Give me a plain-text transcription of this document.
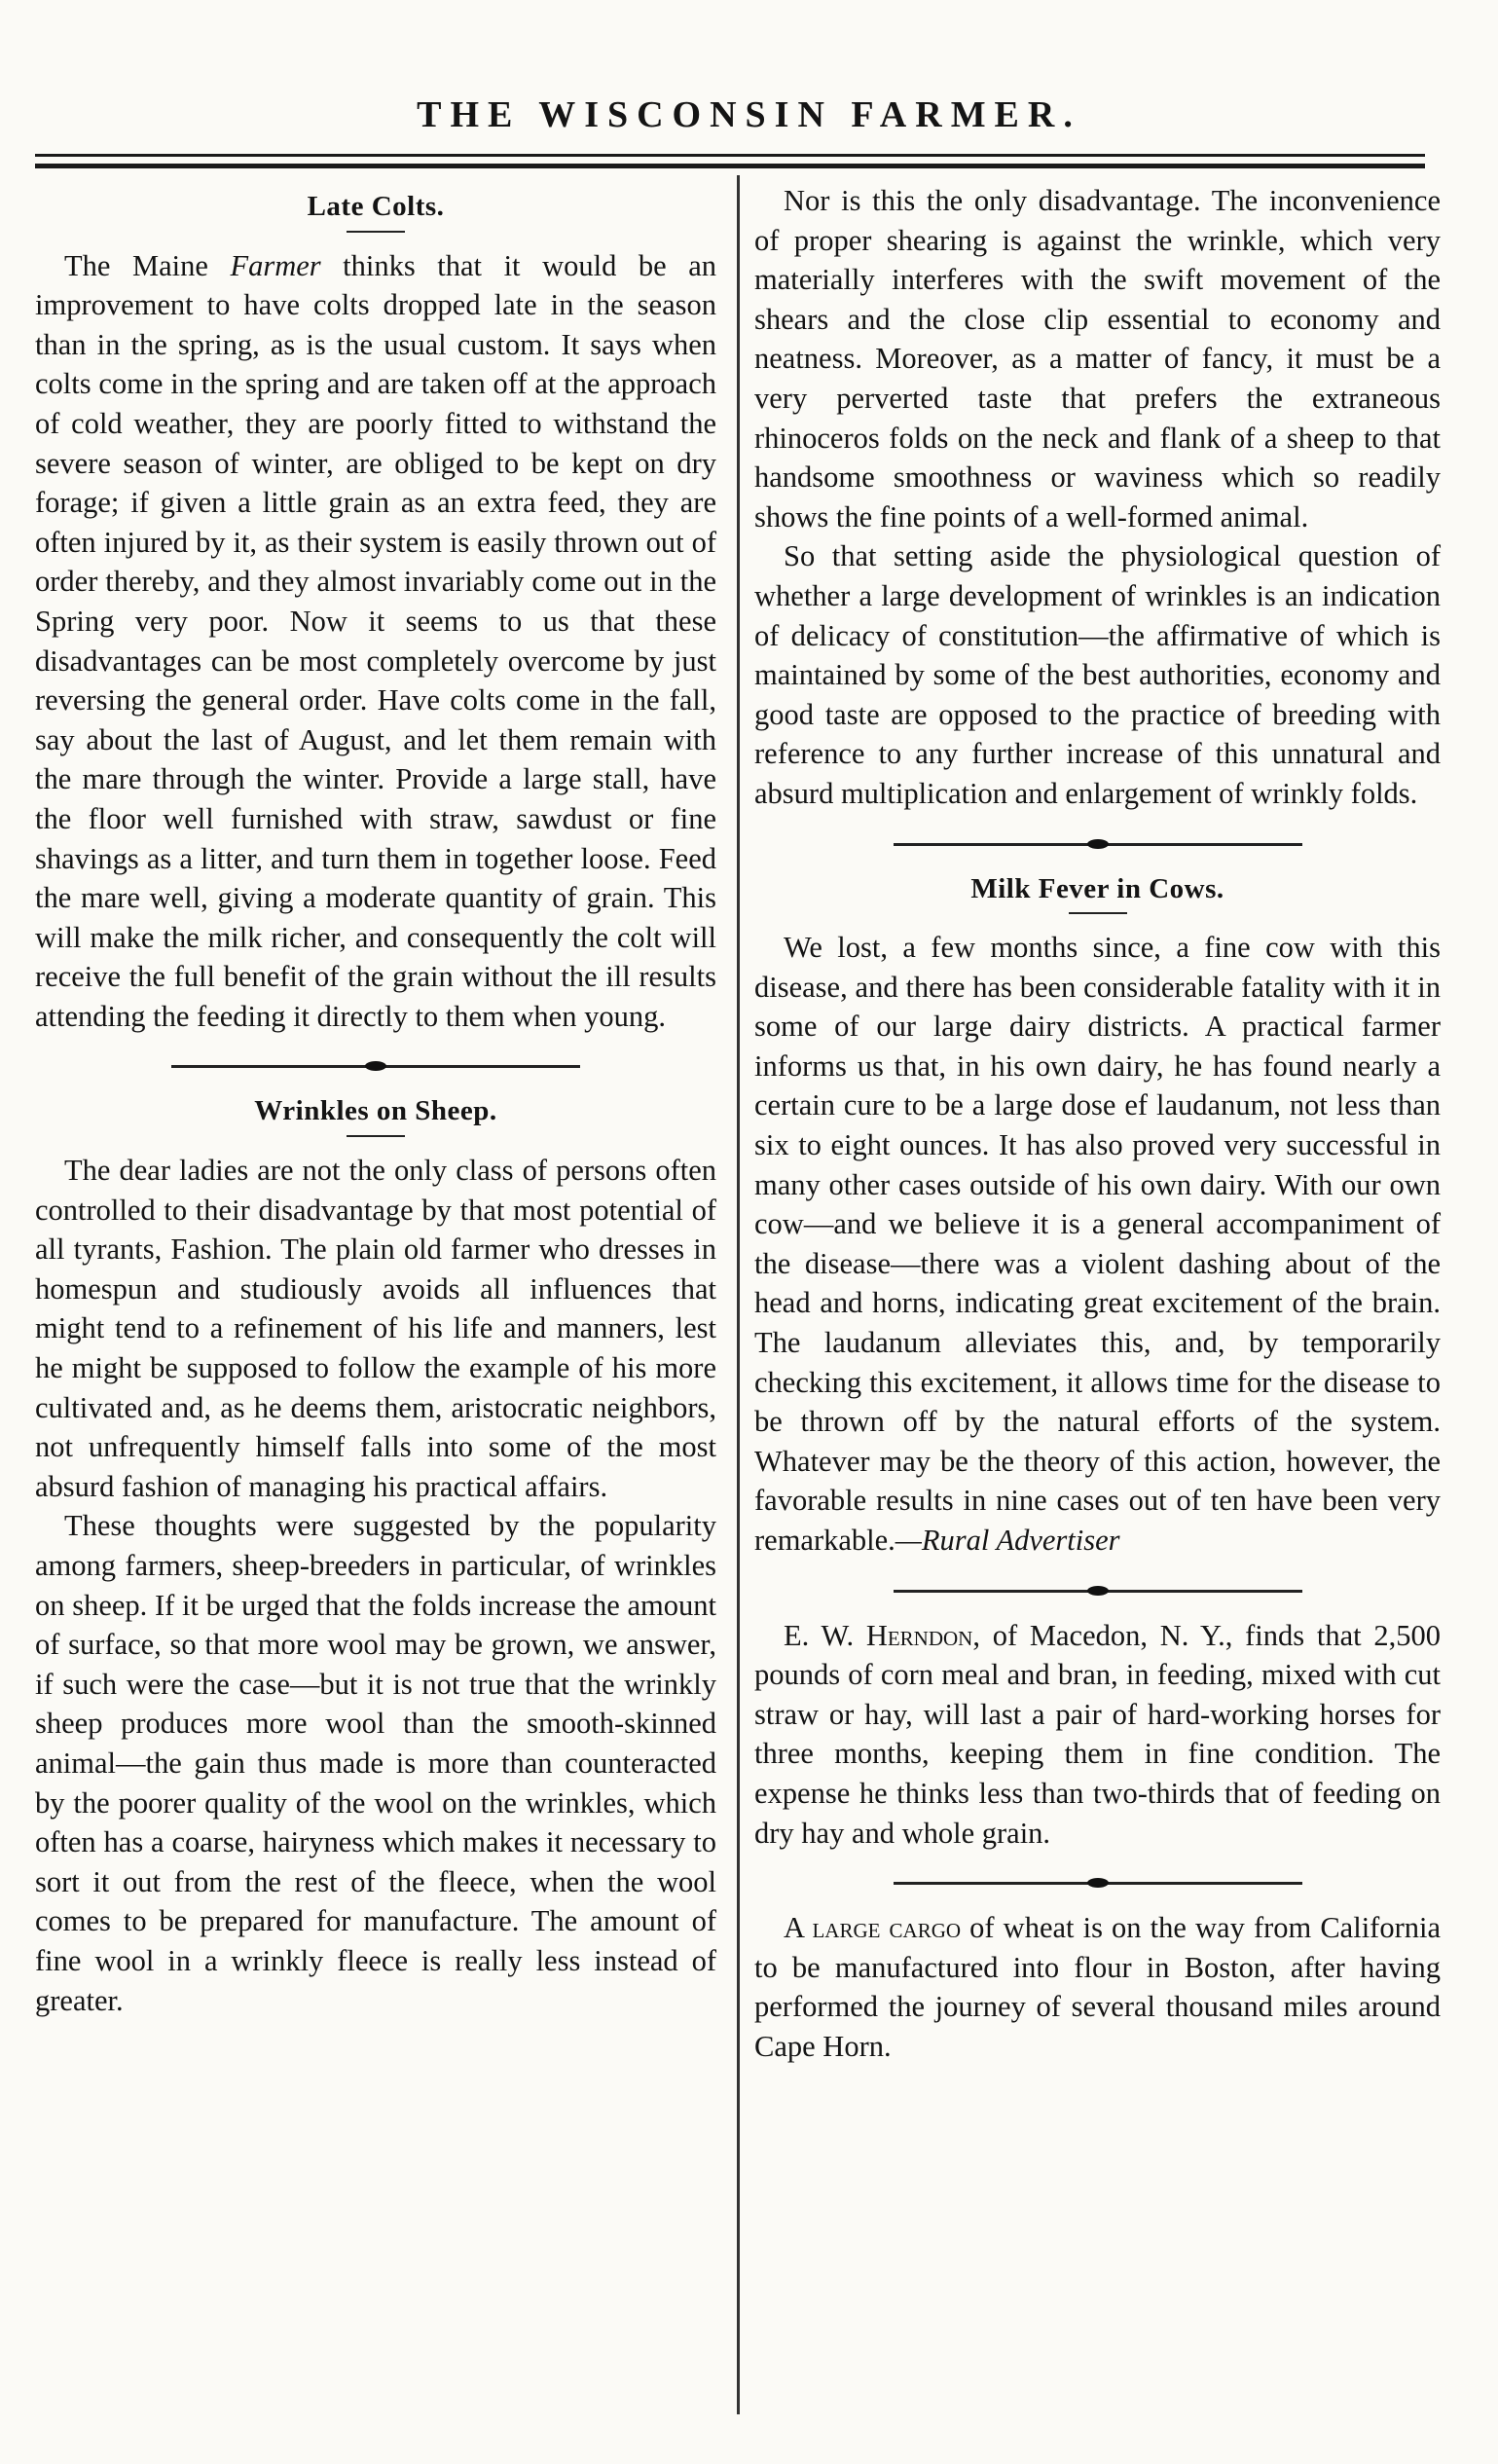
THE WISCONSIN FARMER.
Late Colts.

The Maine Farmer thinks that it would be an improvement to have colts dropped late in the season than in the spring, as is the usual custom. It says when colts come in the spring and are taken off at the approach of cold weather, they are poorly fitted to withstand the severe season of winter, are obliged to be kept on dry forage; if given a little grain as an extra feed, they are often injured by it, as their system is easily thrown out of order thereby, and they almost invariably come out in the Spring very poor. Now it seems to us that these disadvantages can be most completely overcome by just reversing the general order. Have colts come in the fall, say about the last of August, and let them remain with the mare through the winter. Provide a large stall, have the floor well furnished with straw, sawdust or fine shavings as a litter, and turn them in together loose. Feed the mare well, giving a moderate quantity of grain. This will make the milk richer, and consequently the colt will receive the full benefit of the grain without the ill results attending the feeding it directly to them when young.

Wrinkles on Sheep.

The dear ladies are not the only class of persons often controlled to their disadvantage by that most potential of all tyrants, Fashion. The plain old farmer who dresses in homespun and studiously avoids all influences that might tend to a refinement of his life and manners, lest he might be supposed to follow the example of his more cultivated and, as he deems them, aristocratic neighbors, not unfrequently himself falls into some of the most absurd fashion of managing his practical affairs.

These thoughts were suggested by the popularity among farmers, sheep-breeders in particular, of wrinkles on sheep. If it be urged that the folds increase the amount of surface, so that more wool may be grown, we answer, if such were the case—but it is not true that the wrinkly sheep produces more wool than the smooth-skinned animal—the gain thus made is more than counteracted by the poorer quality of the wool on the wrinkles, which often has a coarse, hairyness which makes it necessary to sort it out from the rest of the fleece, when the wool comes to be prepared for manufacture. The amount of fine wool in a wrinkly fleece is really less instead of greater.

Nor is this the only disadvantage. The inconvenience of proper shearing is against the wrinkle, which very materially interferes with the swift movement of the shears and the close clip essential to economy and neatness. Moreover, as a matter of fancy, it must be a very perverted taste that prefers the extraneous rhinoceros folds on the neck and flank of a sheep to that handsome smoothness or waviness which so readily shows the fine points of a well-formed animal.

So that setting aside the physiological question of whether a large development of wrinkles is an indication of delicacy of constitution—the affirmative of which is maintained by some of the best authorities, economy and good taste are opposed to the practice of breeding with reference to any further increase of this unnatural and absurd multiplication and enlargement of wrinkly folds.

Milk Fever in Cows.

We lost, a few months since, a fine cow with this disease, and there has been considerable fatality with it in some of our large dairy districts. A practical farmer informs us that, in his own dairy, he has found nearly a certain cure to be a large dose ef laudanum, not less than six to eight ounces. It has also proved very successful in many other cases outside of his own dairy. With our own cow—and we believe it is a general accompaniment of the disease—there was a violent dashing about of the head and horns, indicating great excitement of the brain. The laudanum alleviates this, and, by temporarily checking this excitement, it allows time for the disease to be thrown off by the natural efforts of the system. Whatever may be the theory of this action, however, the favorable results in nine cases out of ten have been very remarkable.—Rural Advertiser

E. W. Herndon, of Macedon, N. Y., finds that 2,500 pounds of corn meal and bran, in feeding, mixed with cut straw or hay, will last a pair of hard-working horses for three months, keeping them in fine condition. The expense he thinks less than two-thirds that of feeding on dry hay and whole grain.

A large cargo of wheat is on the way from California to be manufactured into flour in Boston, after having performed the journey of several thousand miles around Cape Horn.
